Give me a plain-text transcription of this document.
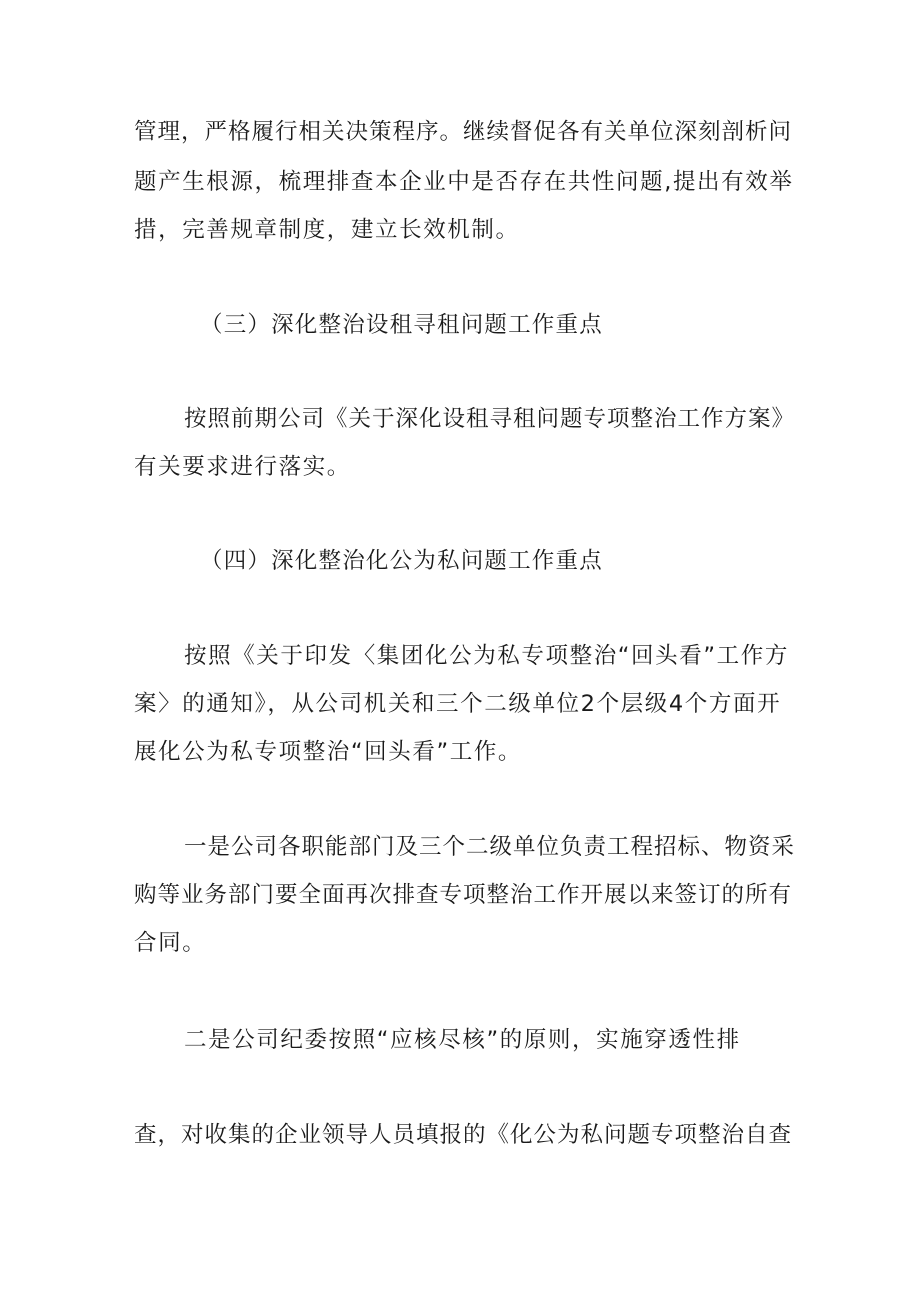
管理，严格履行相关决策程序。继续督促各有关单位深刻剖析问
题产生根源，梳理排查本企业中是否存在共性问题,提出有效举
措，完善规章制度，建立长效机制。
（三）深化整治设租寻租问题工作重点
按照前期公司《关于深化设租寻租问题专项整治工作方案》
有关要求进行落实。
（四）深化整治化公为私问题工作重点
按照《关于印发〈集团化公为私专项整治“回头看”工作方
案〉的通知》，从公司机关和三个二级单位2个层级4个方面开
展化公为私专项整治“回头看”工作。
一是公司各职能部门及三个二级单位负责工程招标、物资采
购等业务部门要全面再次排查专项整治工作开展以来签订的所有
合同。
二是公司纪委按照“应核尽核”的原则，实施穿透性排
查，对收集的企业领导人员填报的《化公为私问题专项整治自查
